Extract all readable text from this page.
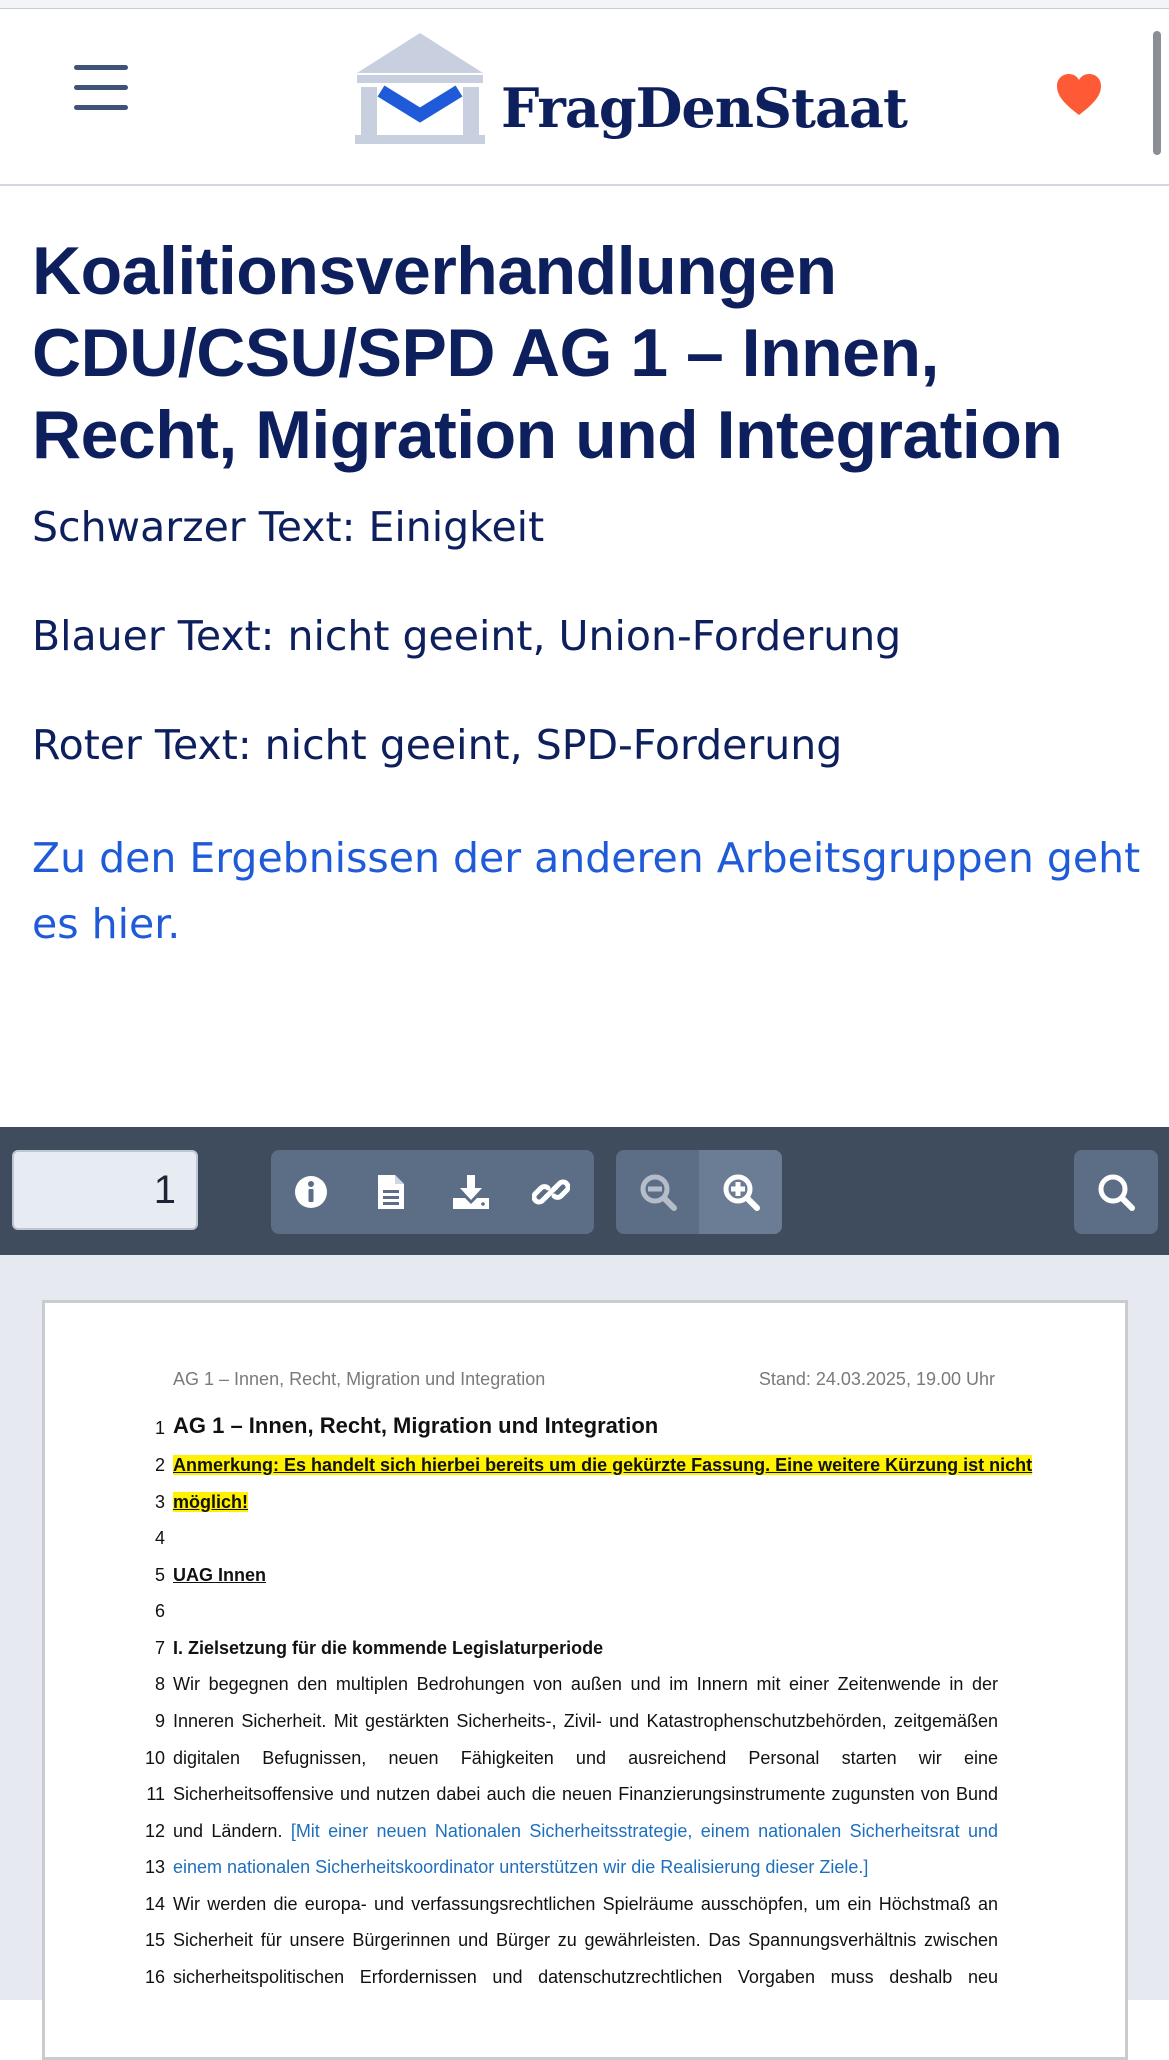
FragDenStaat
Koalitionsverhandlungen CDU/CSU/SPD AG 1 – Innen, Recht, Migration und Integration

Schwarzer Text: Einigkeit

Blauer Text: nicht geeint, Union-Forderung

Roter Text: nicht geeint, SPD-Forderung

Zu den Ergebnissen der anderen Arbeitsgruppen geht es hier.

1
AG 1 – Innen, Recht, Migration und Integration	Stand: 24.03.2025, 19.00 Uhr
1 AG 1 – Innen, Recht, Migration und Integration
2 Anmerkung: Es handelt sich hierbei bereits um die gekürzte Fassung. Eine weitere Kürzung ist nicht
3 möglich!
4
5 UAG Innen
6
7 I. Zielsetzung für die kommende Legislaturperiode
8 Wir begegnen den multiplen Bedrohungen von außen und im Innern mit einer Zeitenwende in der
9 Inneren Sicherheit. Mit gestärkten Sicherheits-, Zivil- und Katastrophenschutzbehörden, zeitgemäßen
10 digitalen Befugnissen, neuen Fähigkeiten und ausreichend Personal starten wir eine
11 Sicherheitsoffensive und nutzen dabei auch die neuen Finanzierungsinstrumente zugunsten von Bund
12 und Ländern. [Mit einer neuen Nationalen Sicherheitsstrategie, einem nationalen Sicherheitsrat und
13 einem nationalen Sicherheitskoordinator unterstützen wir die Realisierung dieser Ziele.]
14 Wir werden die europa- und verfassungsrechtlichen Spielräume ausschöpfen, um ein Höchstmaß an
15 Sicherheit für unsere Bürgerinnen und Bürger zu gewährleisten. Das Spannungsverhältnis zwischen
16 sicherheitspolitischen Erfordernissen und datenschutzrechtlichen Vorgaben muss deshalb neu
